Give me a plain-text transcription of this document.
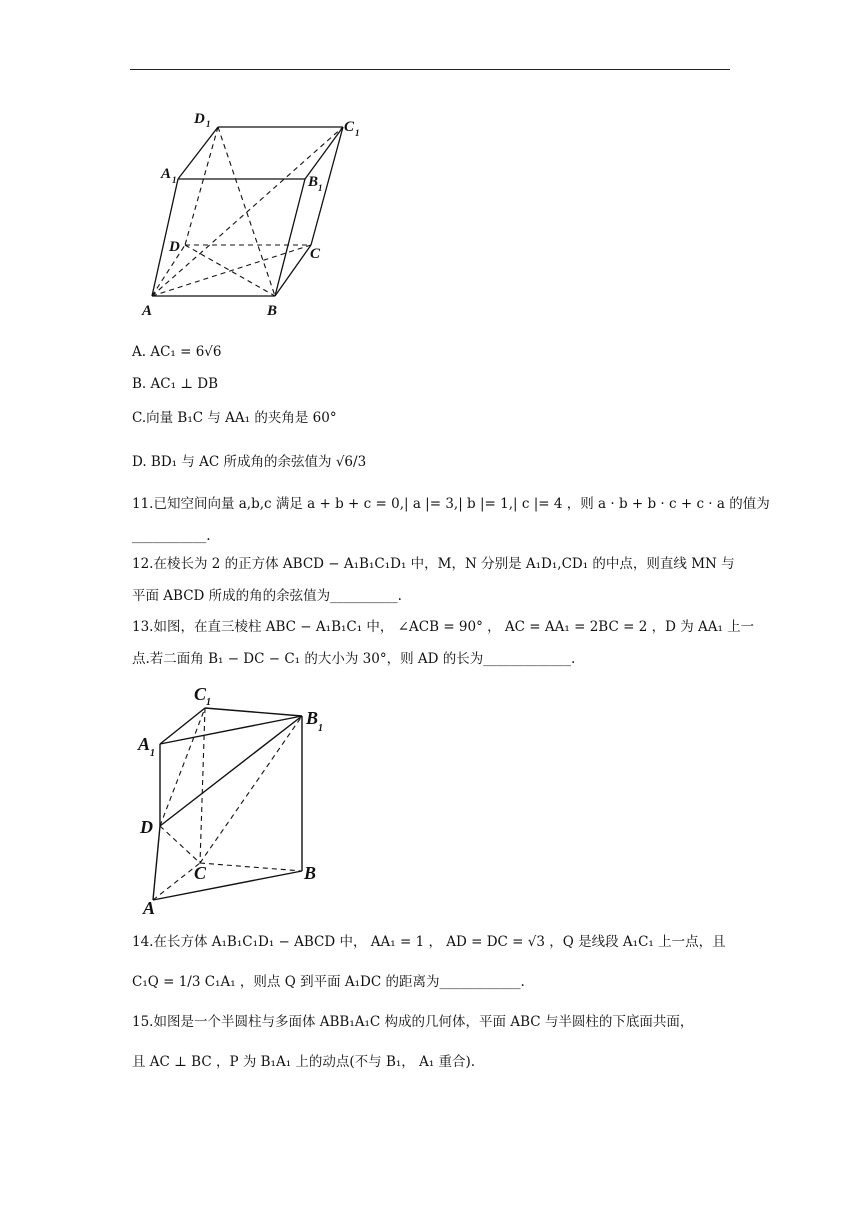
D 1	C 1
A 1	B 1
D	C
A	B
A. AC₁ = 6√6
B. AC₁ ⊥ DB
C.向量 B₁C 与 AA₁ 的夹角是 60°
D. BD₁ 与 AC 所成角的余弦值为 √6/3
11.已知空间向量 a,b,c 满足 a + b + c = 0,| a |= 3,| b |= 1,| c |= 4 ，则 a · b + b · c + c · a 的值为
___________.
12.在棱长为 2 的正方体 ABCD − A₁B₁C₁D₁ 中，M，N 分别是 A₁D₁,CD₁ 的中点，则直线 MN 与
平面 ABCD 所成的角的余弦值为__________.
13.如图，在直三棱柱 ABC − A₁B₁C₁ 中， ∠ACB = 90° ， AC = AA₁ = 2BC = 2 ，D 为 AA₁ 上一
点.若二面角 B₁ − DC − C₁ 的大小为 30°，则 AD 的长为_____________.
C 1
B
1
A 1
D
C	B
A
14.在长方体 A₁B₁C₁D₁ − ABCD 中， AA₁ = 1 ， AD = DC = √3 ，Q 是线段 A₁C₁ 上一点，且
C₁Q = 1/3 C₁A₁ ，则点 Q 到平面 A₁DC 的距离为____________.
15.如图是一个半圆柱与多面体 ABB₁A₁C 构成的几何体，平面 ABC 与半圆柱的下底面共面，
且 AC ⊥ BC ，P 为 B₁A₁ 上的动点(不与 B₁， A₁ 重合).
